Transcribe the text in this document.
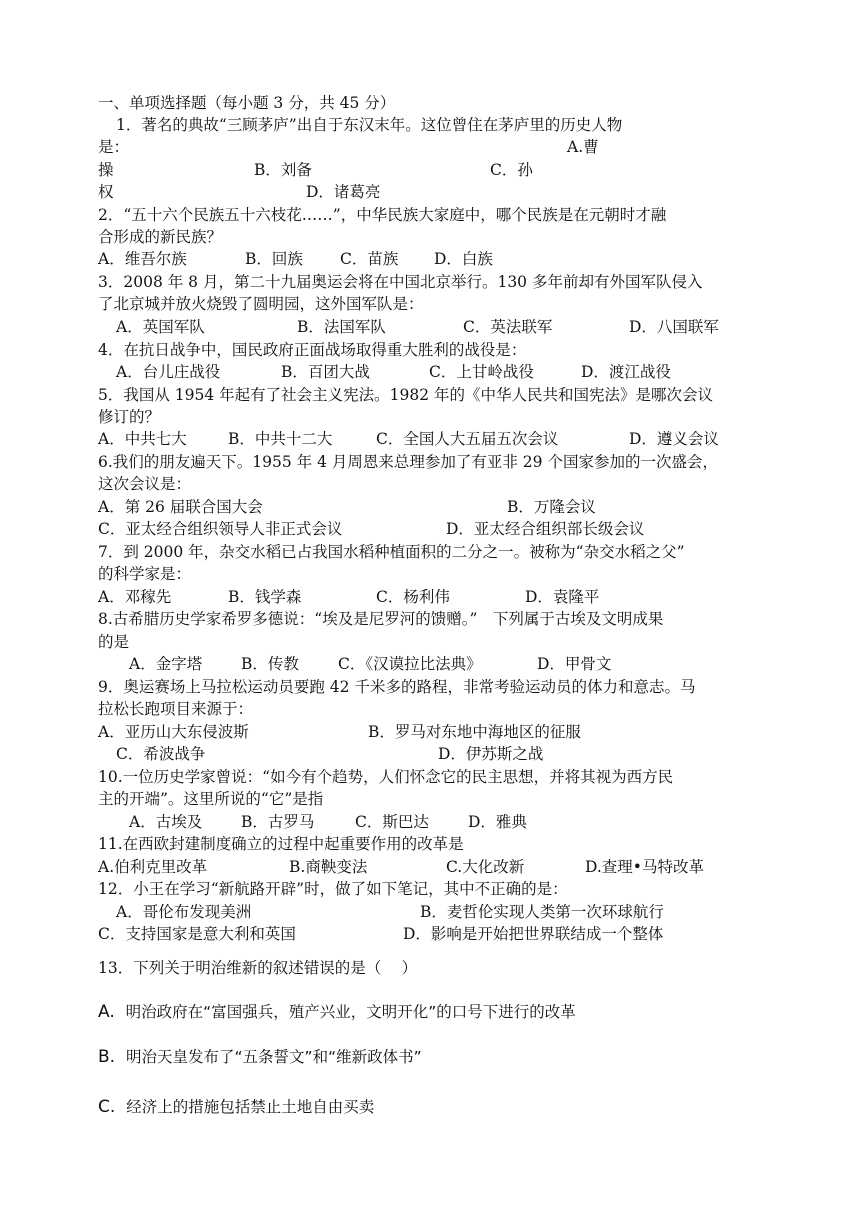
一、单项选择题（每小题 3 分，共 45 分）
1．著名的典故“三顾茅庐”出自于东汉末年。这位曾住在茅庐里的历史人物
是：	A.曹
操	B．刘备	C．孙
权	D．诸葛亮
2．“五十六个民族五十六枝花……”，中华民族大家庭中，哪个民族是在元朝时才融
合形成的新民族？
A．维吾尔族	B．回族 C．苗族 D．白族
3．2008 年 8 月，第二十九届奥运会将在中国北京举行。130 多年前却有外国军队侵入
了北京城并放火烧毁了圆明园，这外国军队是：
A．英国军队	B．法国军队	C．英法联军	D．八国联军
4．在抗日战争中，国民政府正面战场取得重大胜利的战役是：
A．台儿庄战役	B．百团大战	C．上甘岭战役	D．渡江战役
5．我国从 1954 年起有了社会主义宪法。1982 年的《中华人民共和国宪法》是哪次会议
修订的？
A．中共七大	B．中共十二大	C．全国人大五届五次会议	D．遵义会议
6.我们的朋友遍天下。1955 年 4 月周恩来总理参加了有亚非 29 个国家参加的一次盛会，
这次会议是：
A．第 26 届联合国大会	B．万隆会议
C．亚太经合组织领导人非正式会议	D．亚太经合组织部长级会议
7．到 2000 年，杂交水稻已占我国水稻种植面积的二分之一。被称为“杂交水稻之父”
的科学家是：
A．邓稼先	B．钱学森	C．杨利伟	D．袁隆平
8.古希腊历史学家希罗多德说：“埃及是尼罗河的馈赠。”　下列属于古埃及文明成果
的是
A．金字塔	B．传教	C．《汉谟拉比法典》	D．甲骨文
9．奥运赛场上马拉松运动员要跑 42 千米多的路程，非常考验运动员的体力和意志。马
拉松长跑项目来源于：
A．亚历山大东侵波斯	B．罗马对东地中海地区的征服
C．希波战争	D．伊苏斯之战
10.一位历史学家曾说：“如今有个趋势，人们怀念它的民主思想，并将其视为西方民
主的开端”。这里所说的“它”是指
A．古埃及	B．古罗马	C．斯巴达	D．雅典
11.在西欧封建制度确立的过程中起重要作用的改革是
A.伯利克里改革	B.商鞅变法	C.大化改新	D.查理•马特改革
12．小王在学习“新航路开辟”时，做了如下笔记，其中不正确的是：
A．哥伦布发现美洲	B．麦哲伦实现人类第一次环球航行
C．支持国家是意大利和英国	D．影响是开始把世界联结成一个整体
13．下列关于明治维新的叙述错误的是（　 ）
A. 明治政府在“富国强兵，殖产兴业，文明开化”的口号下进行的改革
B. 明治天皇发布了“五条誓文”和“维新政体书”
C. 经济上的措施包括禁止土地自由买卖
